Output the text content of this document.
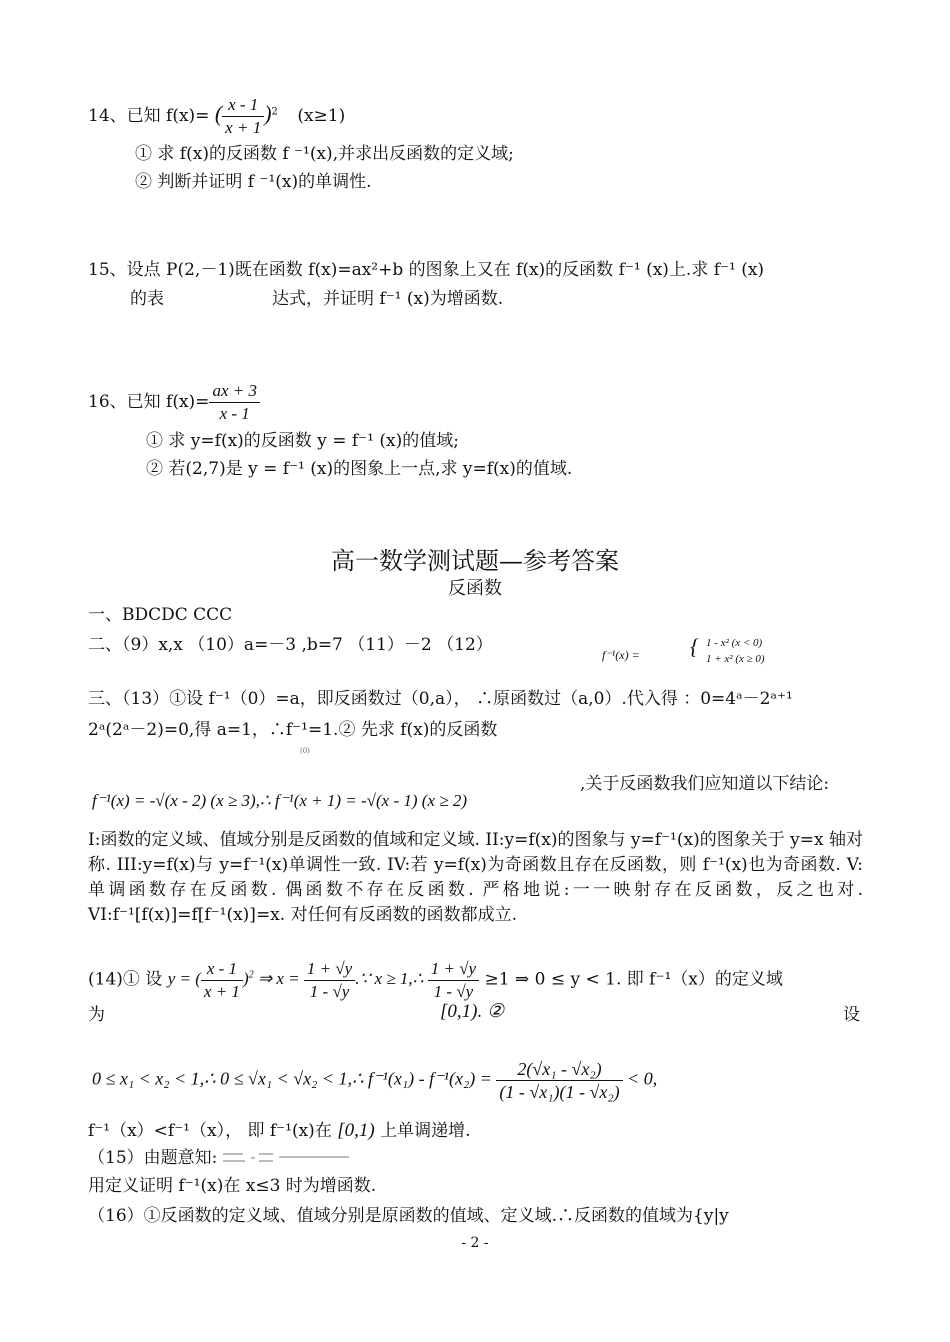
14、已知 f(x)= ( $\frac{x - 1}{x + 1} )^2$ (x≥1)
① 求 f(x)的反函数 f ⁻¹(x),并求出反函数的定义域;
② 判断并证明 f ⁻¹(x)的单调性.
15、设点 P(2,－1)既在函数 f(x)=ax²+b 的图象上又在 f(x)的反函数 f⁻¹ (x)上.求 f⁻¹ (x)
的表	达式，并证明 f⁻¹ (x)为增函数.
16、已知 $f(x)= \frac{ax + 3}{x - 1}$
① 求 y=f(x)的反函数 y = f⁻¹ (x)的值域;
② 若(2,7)是 y = f⁻¹ (x)的图象上一点,求 y=f(x)的值域.
高一数学测试题—参考答案
反函数
一、BDCDC CCC
二、（9）x,x （10）a=－3 ,b=7 （11）－2 （12）	f⁻¹(x) = { 1 - x² (x < 0)
1 + x² (x ≥ 0)
三、（13）①设 f⁻¹（0）=a，即反函数过（0,a）， ∴原函数过（a,0）.代入得 ：0=4ᵃ－2ᵃ⁺¹
2ᵃ(2ᵃ－2)=0,得 a=1，∴f⁻¹=1.② 先求 f(x)的反函数
(0)
f⁻¹(x) = -√(x - 2) (x ≥ 3),∴ f⁻¹(x + 1) = -√(x - 1) (x ≥ 2)
,关于反函数我们应知道以下结论:
I:函数的定义域、值域分别是反函数的值域和定义域. II:y=f(x)的图象与 y=f⁻¹(x)的图象关于 y=x 轴对称. III:y=f(x)与 y=f⁻¹(x)单调性一致. IV:若 y=f(x)为奇函数且存在反函数，则 f⁻¹(x)也为奇函数. V:单调函数存在反函数. 偶函数不存在反函数. 严格地说:一一映射存在反函数，反之也对. VI:f⁻¹[f(x)]=f[f⁻¹(x)]=x. 对任何有反函数的函数都成立.
(14)① 设 y = ( $\frac{x - 1}{x + 1} )^2$ ⇒ $x = \frac{1 + √y}{1 - √y}$ .∵ x ≥ 1,∴ $\frac{1 + √y}{1 - √y} \ge 1$ ⇒ 0 ≤ y < 1. 即 f⁻¹（x）的定义域
为	[0,1). ②	设
0 ≤ x₁ < x₂ < 1,∴ 0 ≤ √x₁ < √x₂ < 1,∴ $f^{-1}(x_1) - f^{-1}(x_2) = \frac{\text{2(√x₁ - √x₂)}}{\text{(1 - √x₁)(1 - √x₂)}} < 0$,
f⁻¹（x）<f⁻¹（x）， 即 f⁻¹(x)在 [0,1) 上单调递增.
（15）由题意知:
用定义证明 f⁻¹(x)在 x≤3 时为增函数.
（16）①反函数的定义域、值域分别是原函数的值域、定义域.∴反函数的值域为{y|y
- 2 -
